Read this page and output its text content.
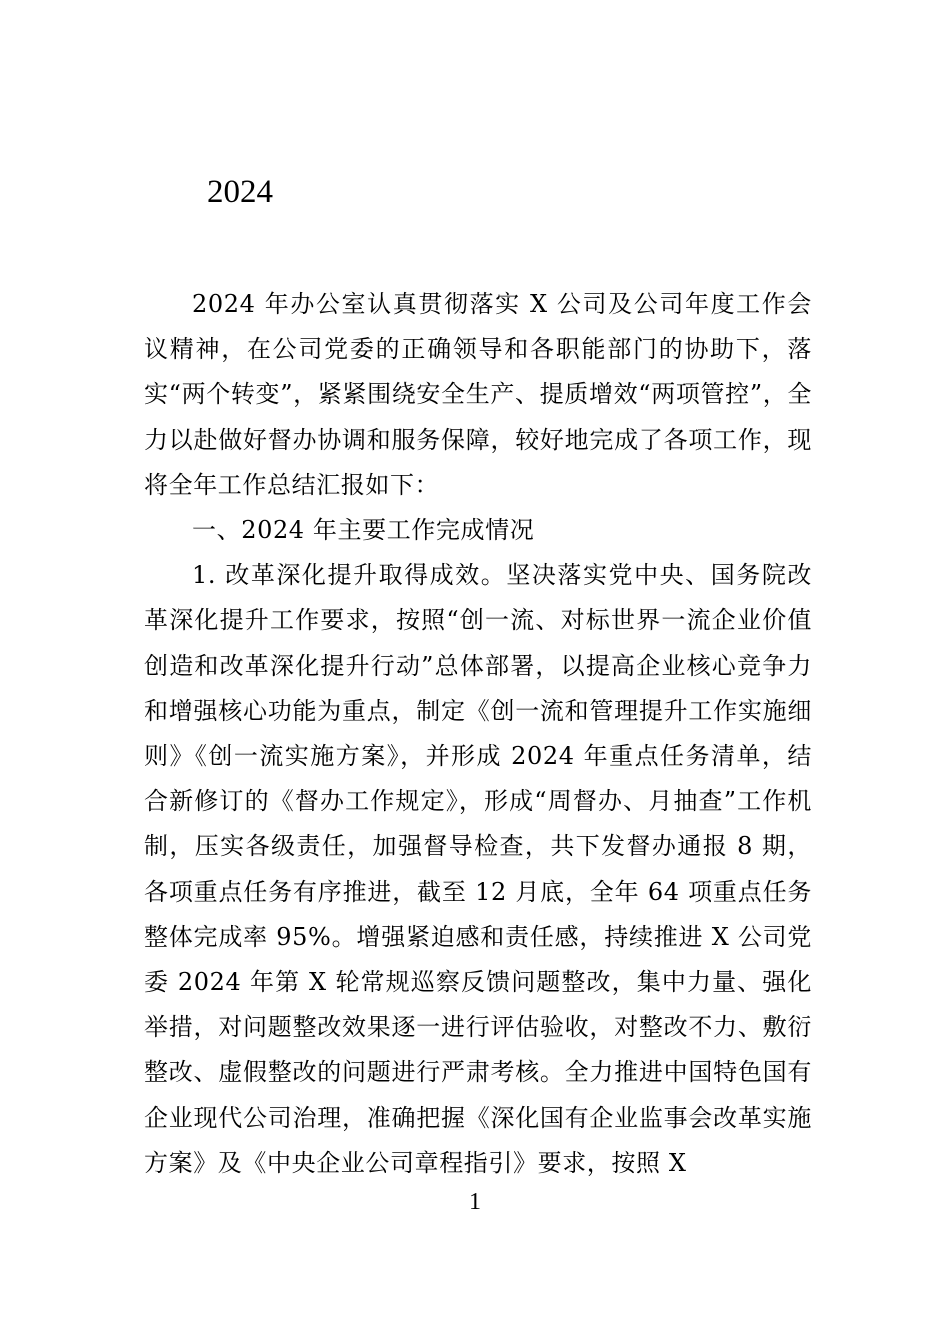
2024

2024 年办公室认真贯彻落实 X 公司及公司年度工作会议精神，在公司党委的正确领导和各职能部门的协助下，落实“两个转变”，紧紧围绕安全生产、提质增效“两项管控”，全力以赴做好督办协调和服务保障，较好地完成了各项工作，现将全年工作总结汇报如下：

一、2024 年主要工作完成情况

1. 改革深化提升取得成效。坚决落实党中央、国务院改革深化提升工作要求，按照“创一流、对标世界一流企业价值创造和改革深化提升行动”总体部署，以提高企业核心竞争力和增强核心功能为重点，制定《创一流和管理提升工作实施细则》《创一流实施方案》，并形成 2024 年重点任务清单，结合新修订的《督办工作规定》，形成“周督办、月抽查”工作机制，压实各级责任，加强督导检查，共下发督办通报 8 期，各项重点任务有序推进，截至 12 月底，全年 64 项重点任务整体完成率 95%。增强紧迫感和责任感，持续推进 X 公司党委 2024 年第 X 轮常规巡察反馈问题整改，集中力量、强化举措，对问题整改效果逐一进行评估验收，对整改不力、敷衍整改、虚假整改的问题进行严肃考核。全力推进中国特色国有企业现代公司治理，准确把握《深化国有企业监事会改革实施方案》及《中央企业公司章程指引》要求，按照 X

1
